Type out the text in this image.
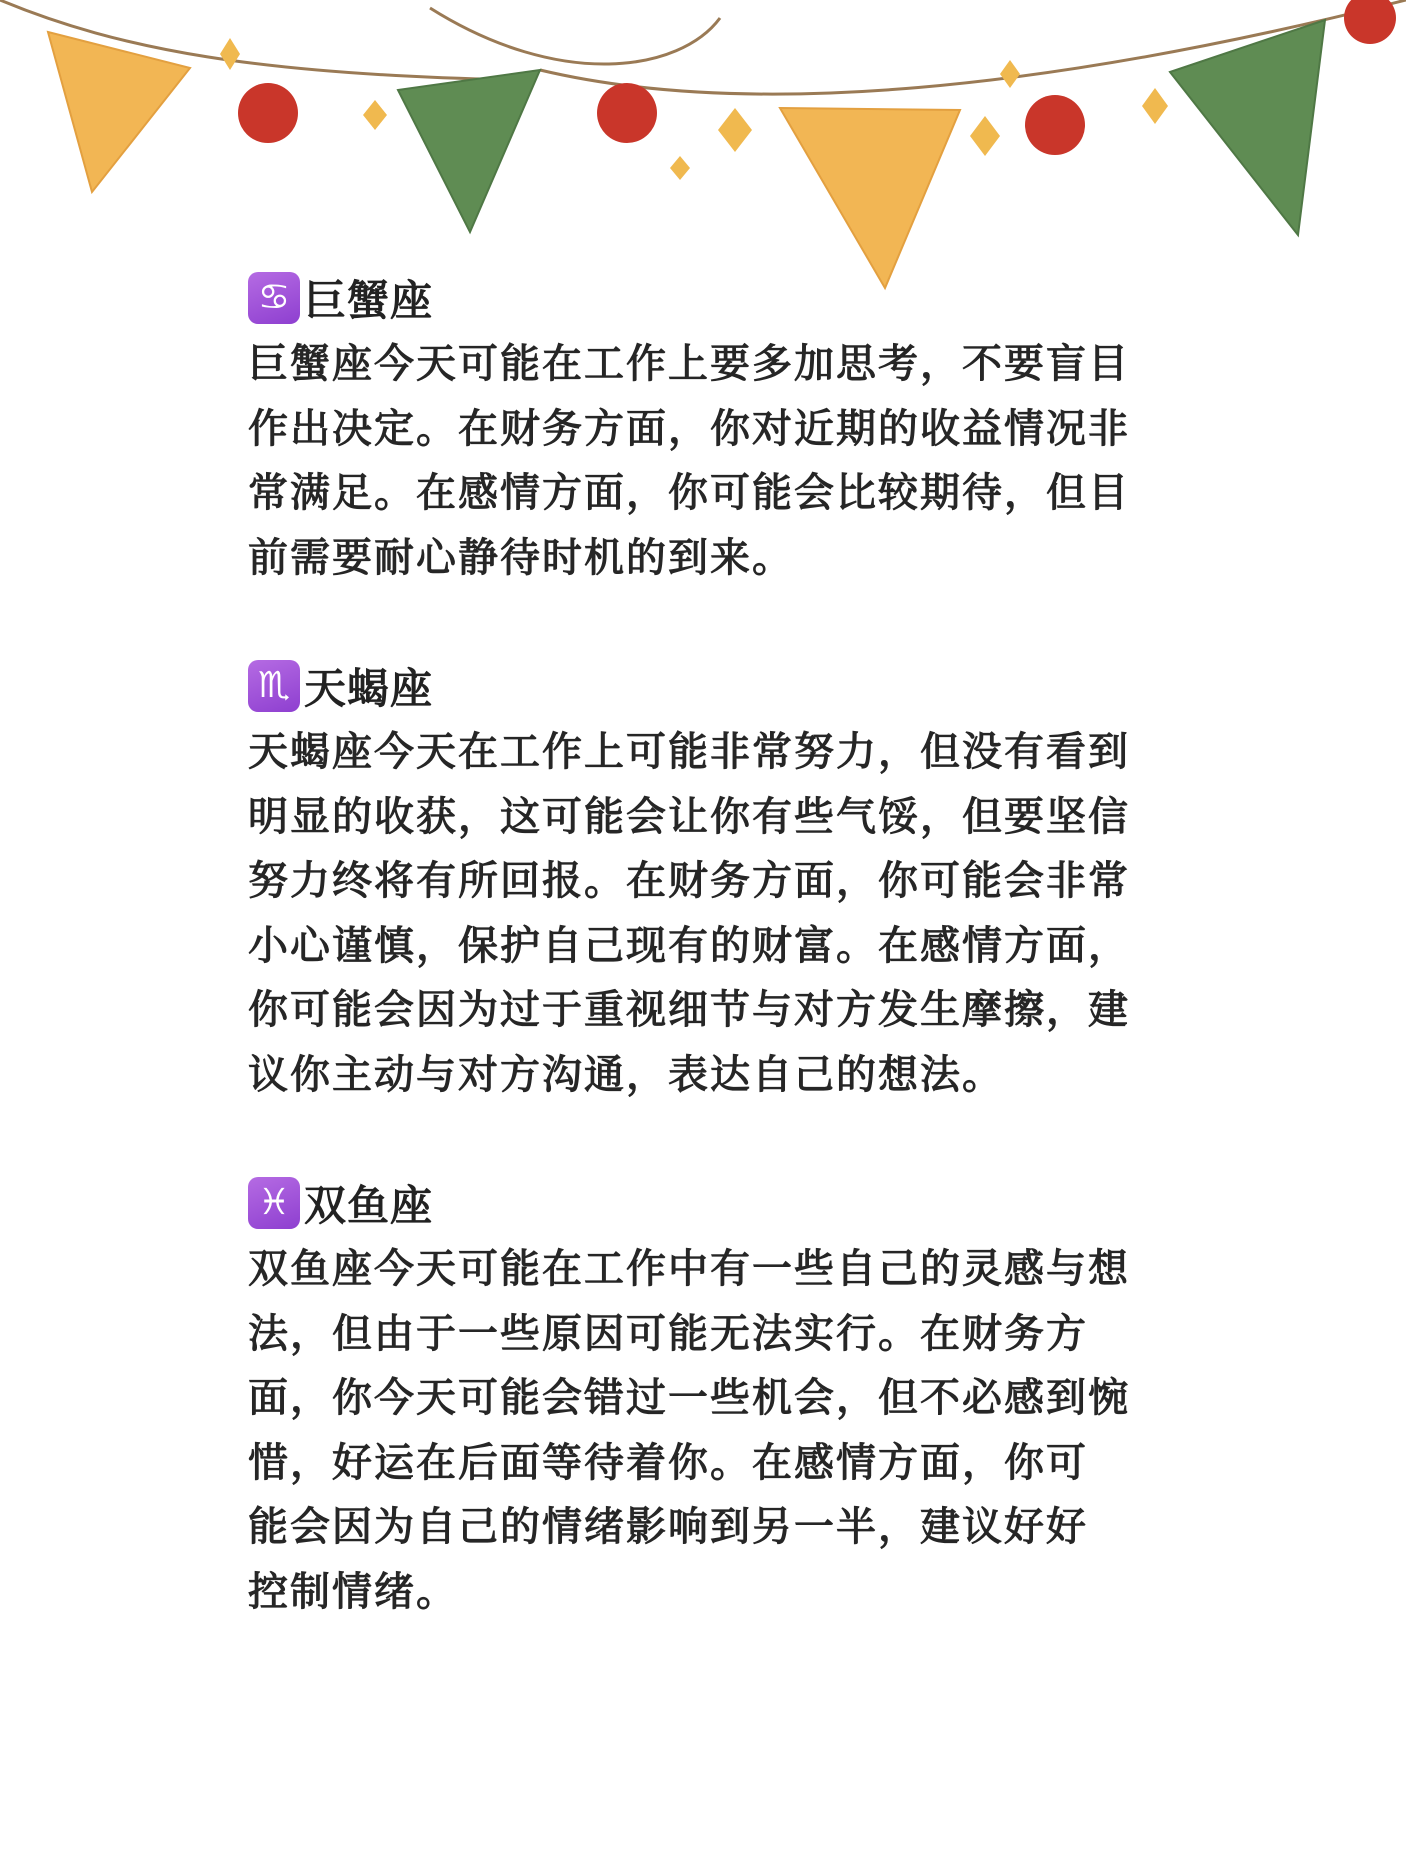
♋ 巨蟹座

巨蟹座今天可能在工作上要多加思考，不要盲目
作出决定。在财务方面，你对近期的收益情况非
常满足。在感情方面，你可能会比较期待，但目
前需要耐心静待时机的到来。

♏ 天蝎座

天蝎座今天在工作上可能非常努力，但没有看到
明显的收获，这可能会让你有些气馁，但要坚信
努力终将有所回报。在财务方面，你可能会非常
小心谨慎，保护自己现有的财富。在感情方面，
你可能会因为过于重视细节与对方发生摩擦，建
议你主动与对方沟通，表达自己的想法。

♓ 双鱼座

双鱼座今天可能在工作中有一些自己的灵感与想
法，但由于一些原因可能无法实行。在财务方
面，你今天可能会错过一些机会，但不必感到惋
惜，好运在后面等待着你。在感情方面，你可
能会因为自己的情绪影响到另一半，建议好好
控制情绪。
